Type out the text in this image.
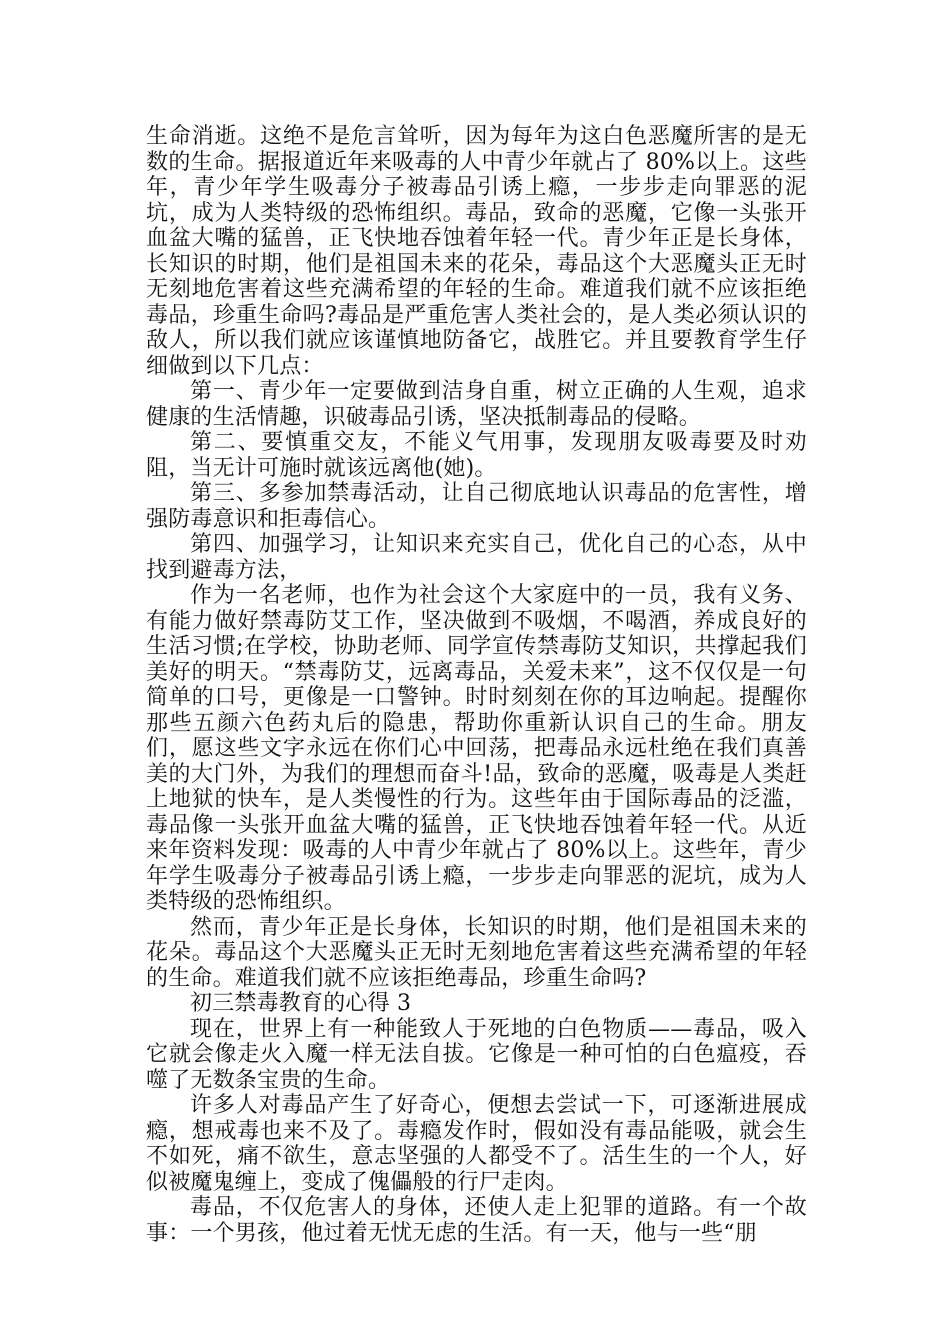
生命消逝。这绝不是危言耸听，因为每年为这白色恶魔所害的是无数的生命。据报道近年来吸毒的人中青少年就占了 80%以上。这些年，青少年学生吸毒分子被毒品引诱上瘾，一步步走向罪恶的泥坑，成为人类特级的恐怖组织。毒品，致命的恶魔，它像一头张开血盆大嘴的猛兽，正飞快地吞蚀着年轻一代。青少年正是长身体，长知识的时期，他们是祖国未来的花朵，毒品这个大恶魔头正无时无刻地危害着这些充满希望的年轻的生命。难道我们就不应该拒绝毒品，珍重生命吗?毒品是严重危害人类社会的，是人类必须认识的敌人，所以我们就应该谨慎地防备它，战胜它。并且要教育学生仔细做到以下几点：

第一、青少年一定要做到洁身自重，树立正确的人生观，追求健康的生活情趣，识破毒品引诱，坚决抵制毒品的侵略。

第二、要慎重交友，不能义气用事，发现朋友吸毒要及时劝阻，当无计可施时就该远离他(她)。

第三、多参加禁毒活动，让自己彻底地认识毒品的危害性，增强防毒意识和拒毒信心。

第四、加强学习，让知识来充实自己，优化自己的心态，从中找到避毒方法，

作为一名老师，也作为社会这个大家庭中的一员，我有义务、有能力做好禁毒防艾工作，坚决做到不吸烟，不喝酒，养成良好的生活习惯;在学校，协助老师、同学宣传禁毒防艾知识，共撑起我们美好的明天。“禁毒防艾，远离毒品，关爱未来”，这不仅仅是一句简单的口号，更像是一口警钟。时时刻刻在你的耳边响起。提醒你那些五颜六色药丸后的隐患，帮助你重新认识自己的生命。朋友们，愿这些文字永远在你们心中回荡，把毒品永远杜绝在我们真善美的大门外，为我们的理想而奋斗!品，致命的恶魔，吸毒是人类赶上地狱的快车，是人类慢性的行为。这些年由于国际毒品的泛滥，毒品像一头张开血盆大嘴的猛兽，正飞快地吞蚀着年轻一代。从近来年资料发现：吸毒的人中青少年就占了 80%以上。这些年，青少年学生吸毒分子被毒品引诱上瘾，一步步走向罪恶的泥坑，成为人类特级的恐怖组织。

然而，青少年正是长身体，长知识的时期，他们是祖国未来的花朵。毒品这个大恶魔头正无时无刻地危害着这些充满希望的年轻的生命。难道我们就不应该拒绝毒品，珍重生命吗?

初三禁毒教育的心得 3

现在，世界上有一种能致人于死地的白色物质——毒品，吸入它就会像走火入魔一样无法自拔。它像是一种可怕的白色瘟疫，吞噬了无数条宝贵的生命。

许多人对毒品产生了好奇心，便想去尝试一下，可逐渐进展成瘾，想戒毒也来不及了。毒瘾发作时，假如没有毒品能吸，就会生不如死，痛不欲生，意志坚强的人都受不了。活生生的一个人，好似被魔鬼缠上，变成了傀儡般的行尸走肉。

毒品，不仅危害人的身体，还使人走上犯罪的道路。有一个故事：一个男孩，他过着无忧无虑的生活。有一天，他与一些“朋
